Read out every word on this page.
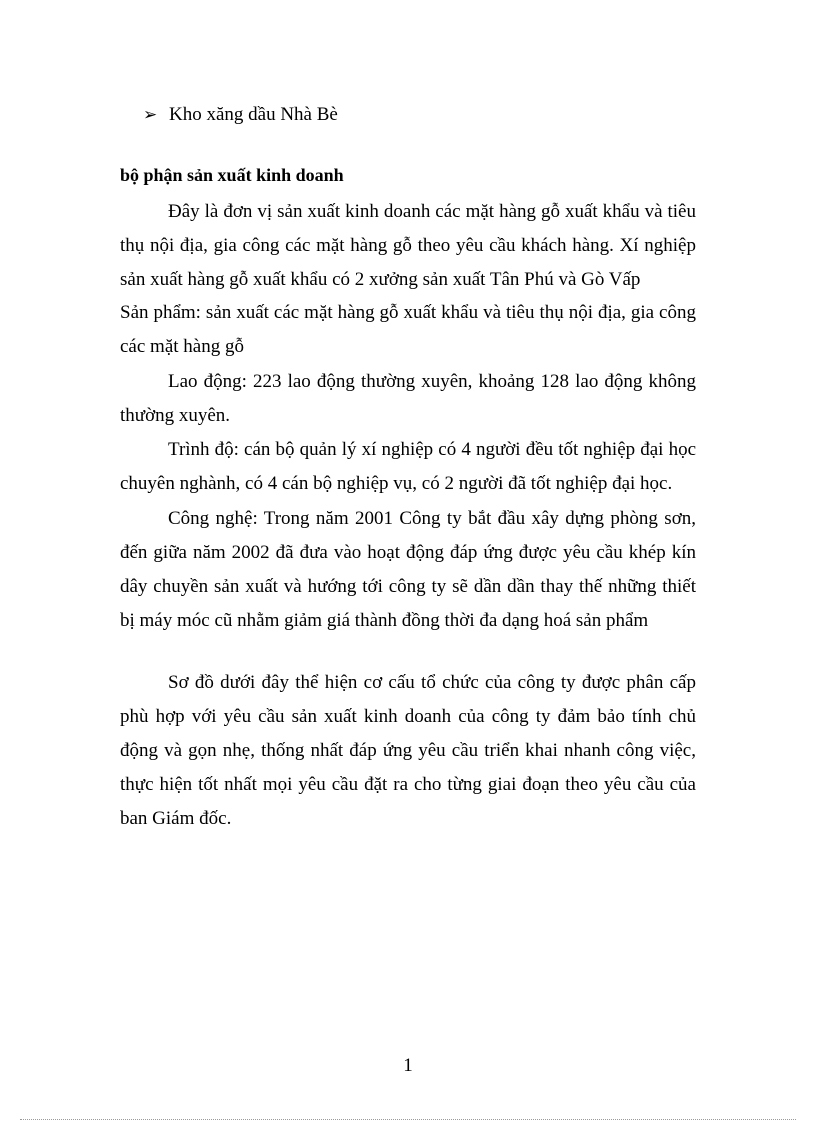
➢ Kho xăng dầu Nhà Bè
bộ phận sản xuất kinh doanh

Đây là đơn vị sản xuất kinh doanh các mặt hàng gỗ xuất khẩu và tiêu thụ nội địa, gia công các mặt hàng gỗ theo yêu cầu khách hàng. Xí nghiệp sản xuất hàng gỗ xuất khẩu có 2 xưởng sản xuất Tân Phú và Gò Vấp

Sản phẩm: sản xuất các mặt hàng gỗ xuất khẩu và tiêu thụ nội địa, gia công các mặt hàng gỗ

Lao động: 223 lao động thường xuyên, khoảng 128 lao động không thường xuyên.

Trình độ: cán bộ quản lý xí nghiệp có 4 người đều tốt nghiệp đại học chuyên nghành, có 4 cán bộ nghiệp vụ, có 2 người đã tốt nghiệp đại học.

Công nghệ: Trong năm 2001 Công ty bắt đầu xây dựng phòng sơn, đến giữa năm 2002 đã đưa vào hoạt động đáp ứng được yêu cầu khép kín dây chuyền sản xuất và hướng tới công ty sẽ dần dần thay thế những thiết bị máy móc cũ nhằm giảm giá thành đồng thời đa dạng hoá sản phẩm

Sơ đồ dưới đây thể hiện cơ cấu tổ chức của công ty được phân cấp phù hợp với yêu cầu sản xuất kinh doanh của công ty đảm bảo tính chủ động và gọn nhẹ, thống nhất đáp ứng yêu cầu triển khai nhanh công việc, thực hiện tốt nhất mọi yêu cầu đặt ra cho từng giai đoạn theo yêu cầu của ban Giám đốc.

1
